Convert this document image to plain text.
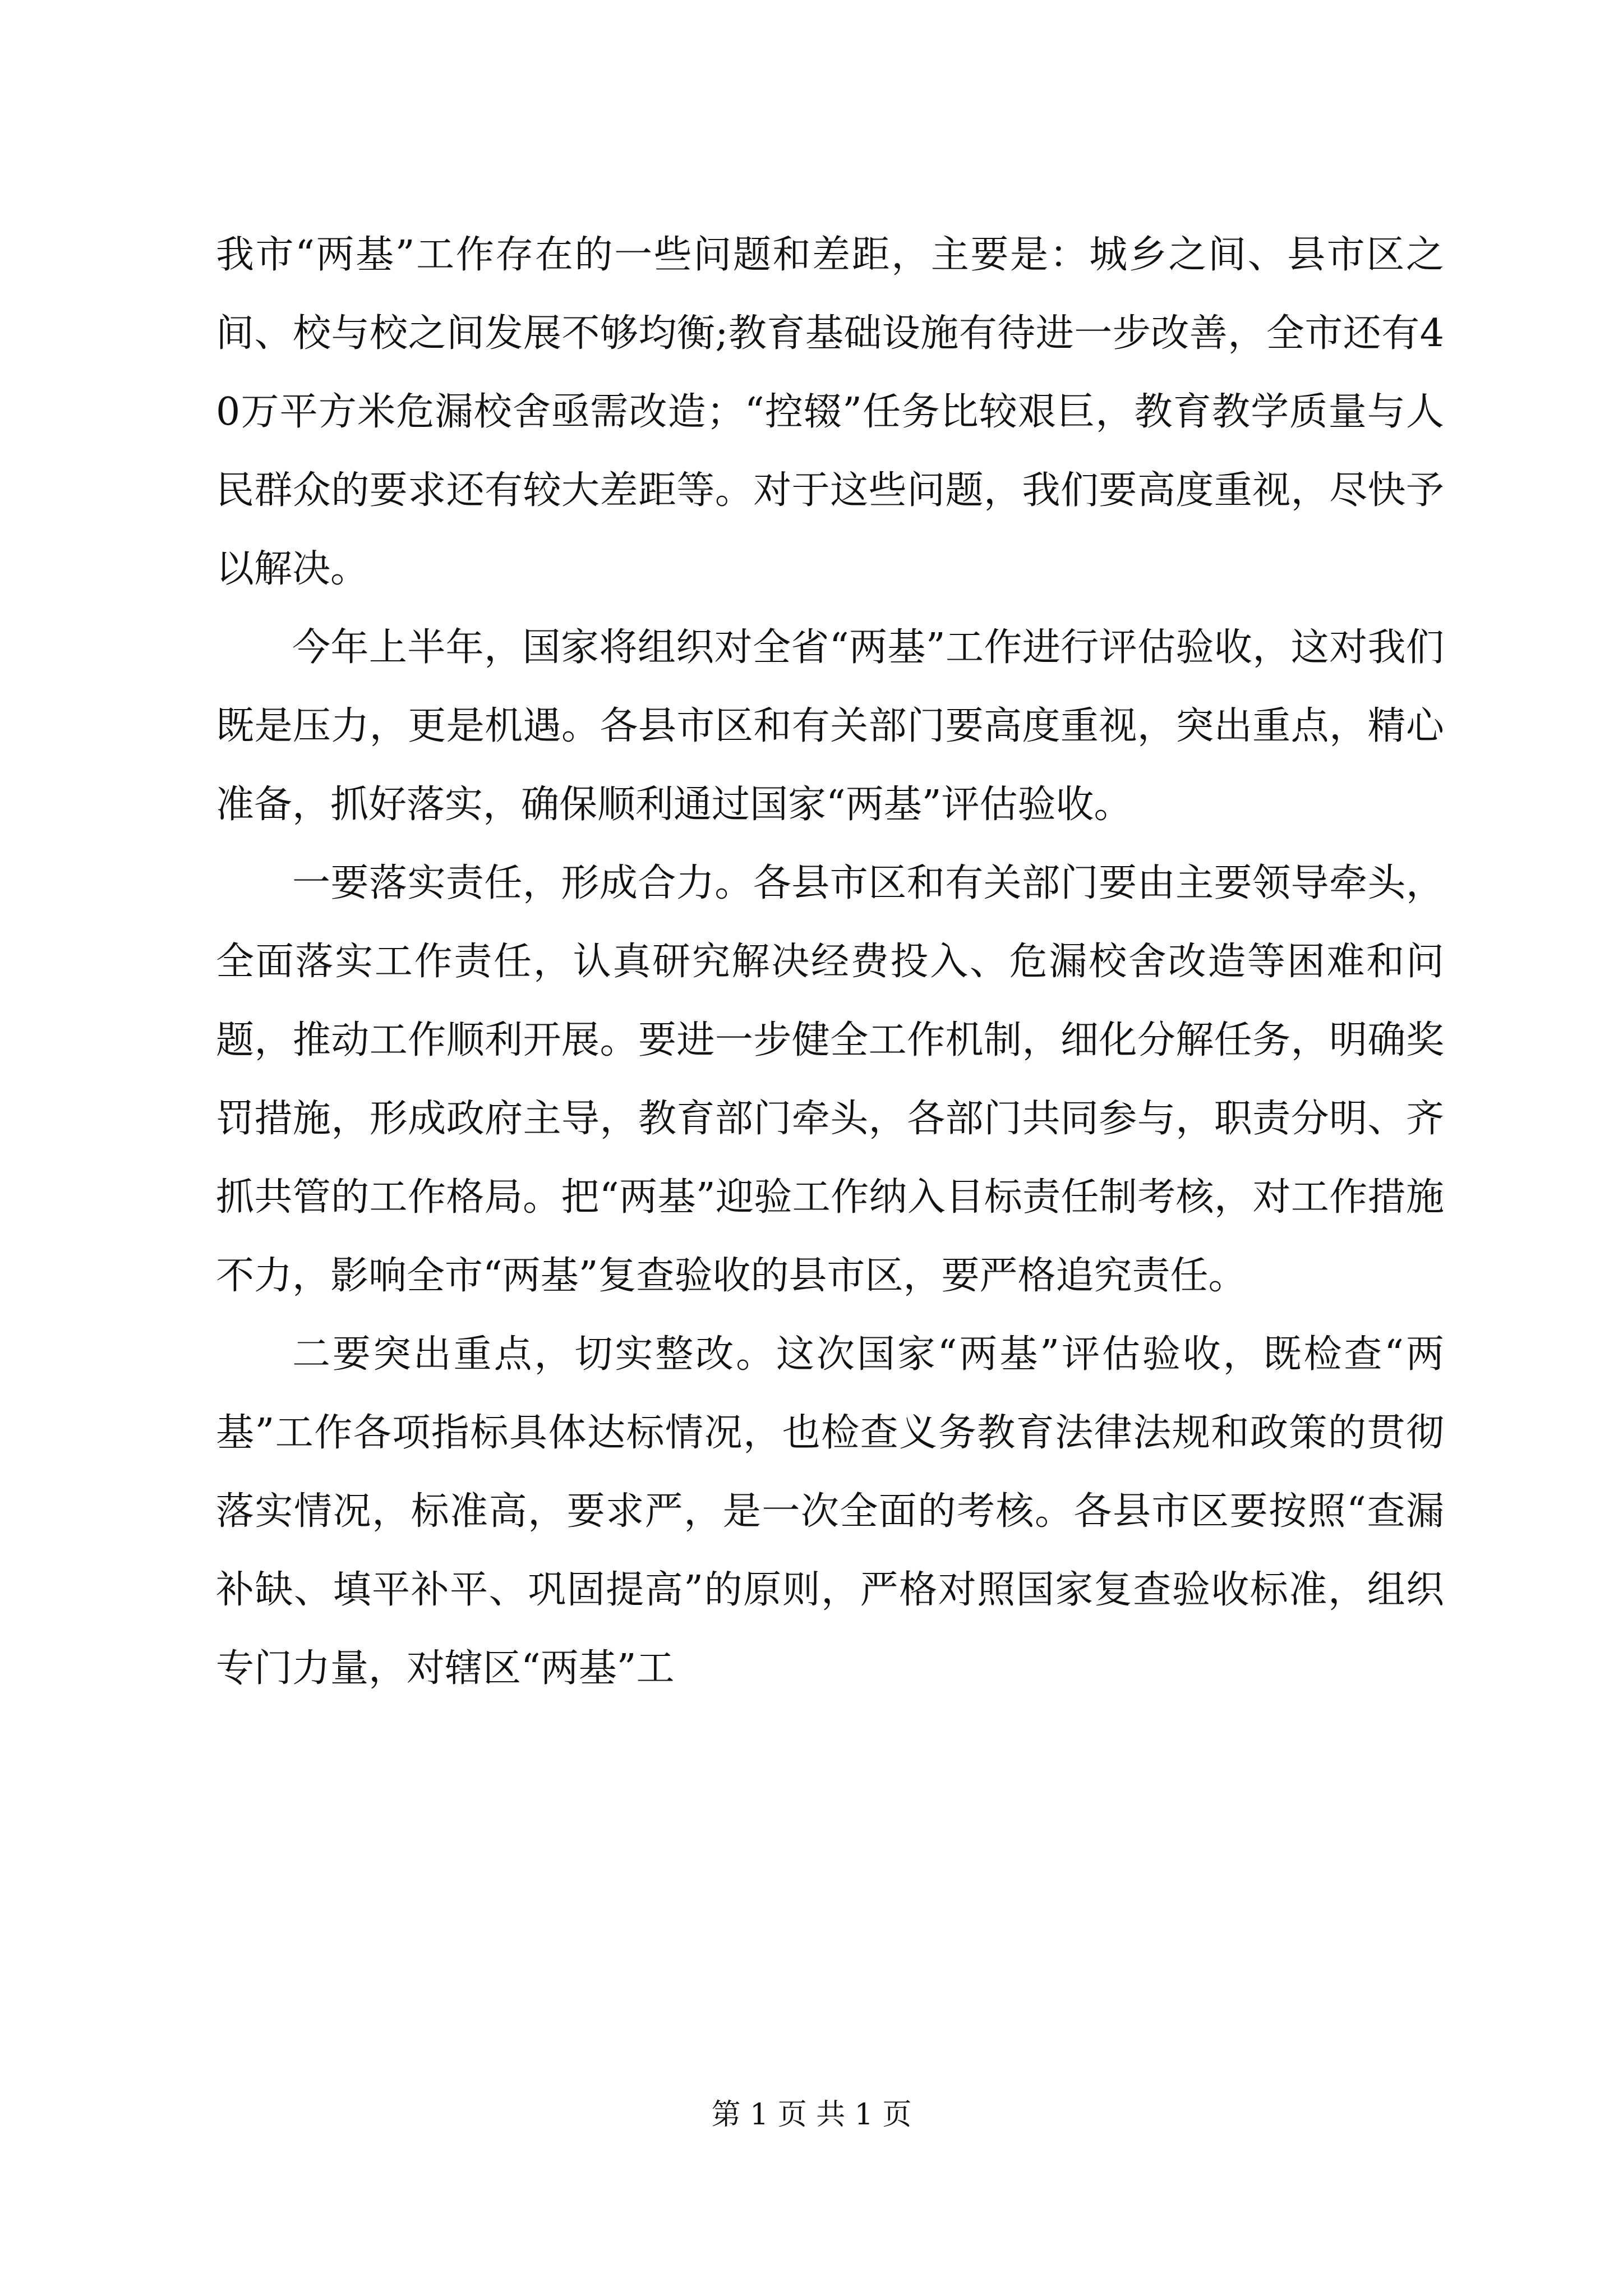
我市“两基”工作存在的一些问题和差距，主要是：城乡之间、县市区之间、校与校之间发展不够均衡;教育基础设施有待进一步改善，全市还有40万平方米危漏校舍亟需改造；“控辍”任务比较艰巨，教育教学质量与人民群众的要求还有较大差距等。对于这些问题，我们要高度重视，尽快予以解决。

今年上半年，国家将组织对全省“两基”工作进行评估验收，这对我们既是压力，更是机遇。各县市区和有关部门要高度重视，突出重点，精心准备，抓好落实，确保顺利通过国家“两基”评估验收。

一要落实责任，形成合力。各县市区和有关部门要由主要领导牵头，全面落实工作责任，认真研究解决经费投入、危漏校舍改造等困难和问题，推动工作顺利开展。要进一步健全工作机制，细化分解任务，明确奖罚措施，形成政府主导，教育部门牵头，各部门共同参与，职责分明、齐抓共管的工作格局。把“两基”迎验工作纳入目标责任制考核，对工作措施不力，影响全市“两基”复查验收的县市区，要严格追究责任。

二要突出重点，切实整改。这次国家“两基”评估验收，既检查“两基”工作各项指标具体达标情况，也检查义务教育法律法规和政策的贯彻落实情况，标准高，要求严，是一次全面的考核。各县市区要按照“查漏补缺、填平补平、巩固提高”的原则，严格对照国家复查验收标准，组织专门力量，对辖区“两基”工

第 1 页 共 1 页
